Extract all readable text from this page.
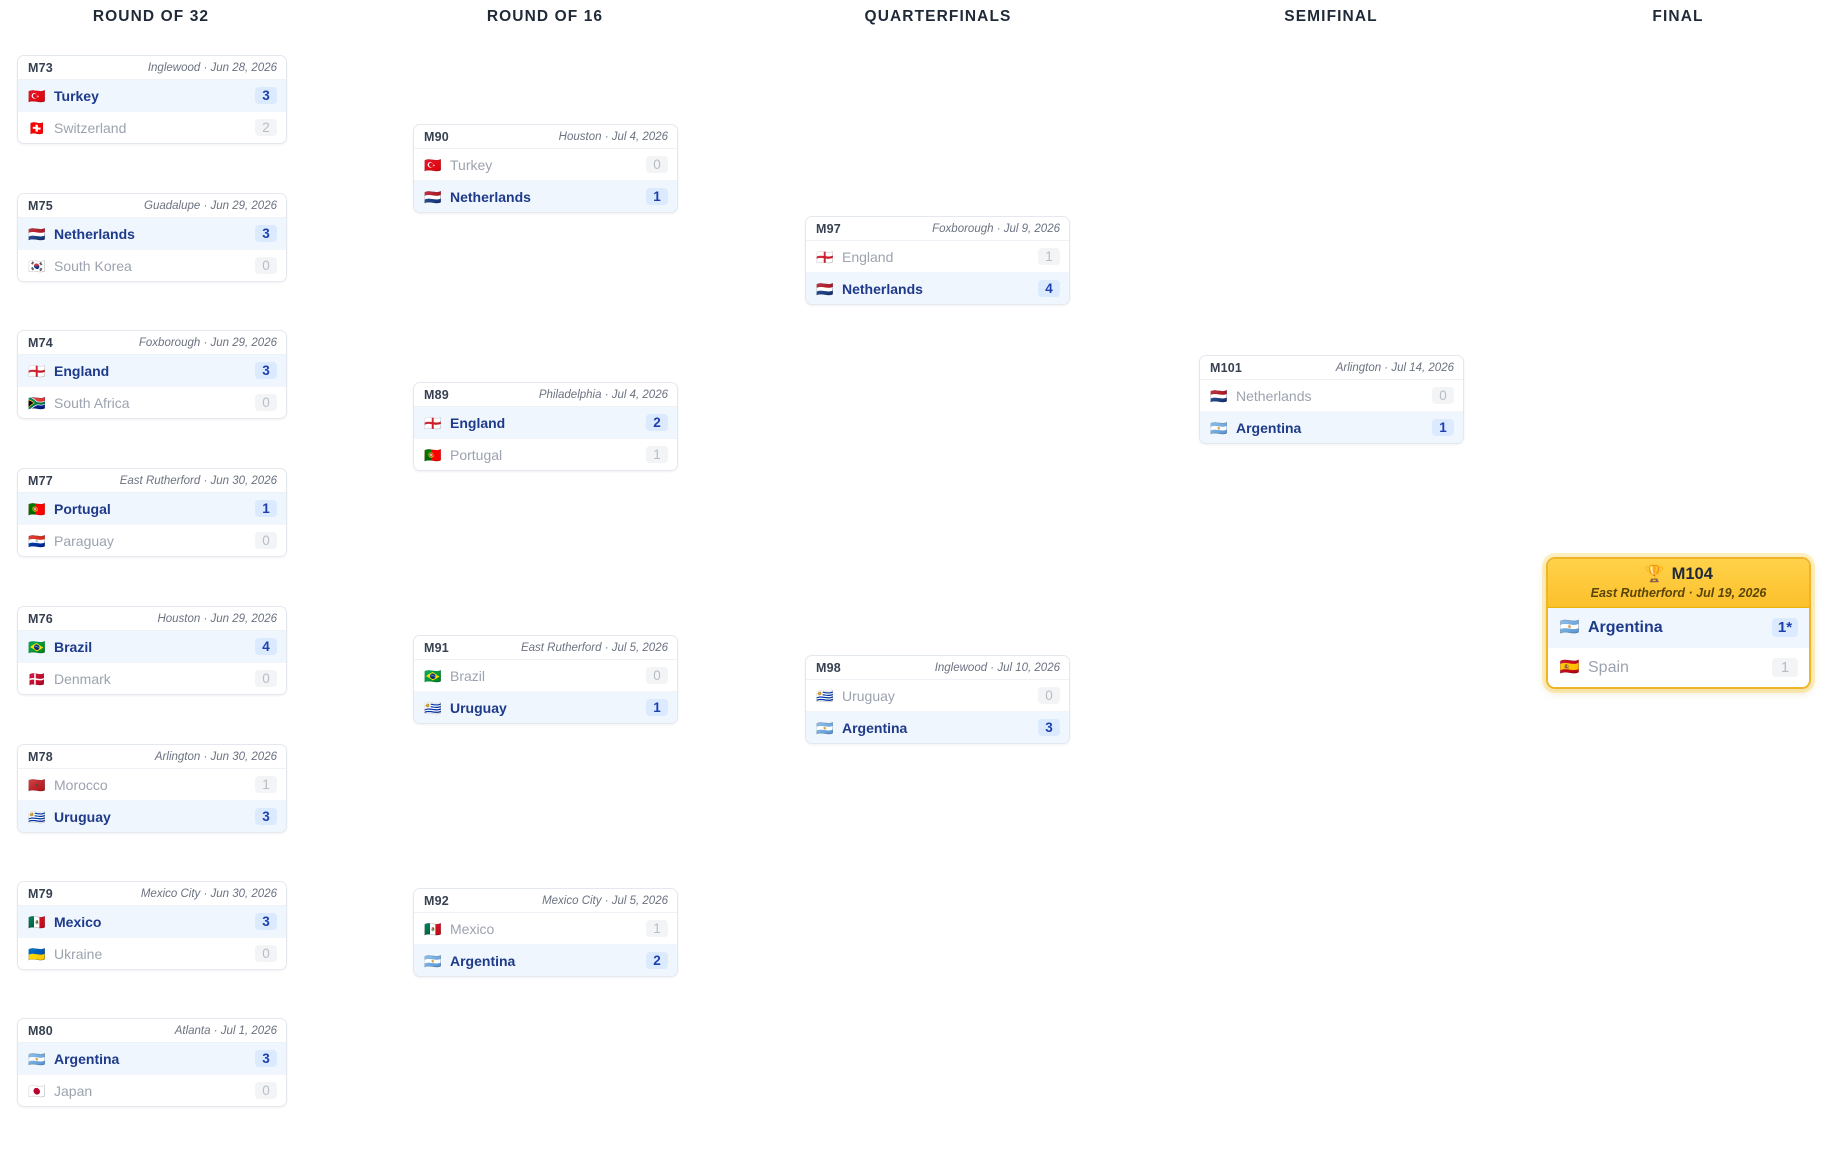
ROUND OF 32	ROUND OF 16	QUARTERFINALS	SEMIFINAL	FINAL
M73	Inglewood · Jun 28, 2026
🇹🇷 Turkey	3
🇨🇭 Switzerland	2
M75	Guadalupe · Jun 29, 2026
🇳🇱 Netherlands	3
🇰🇷 South Korea	0
M74	Foxborough · Jun 29, 2026
🏴󠁧󠁢󠁥󠁮󠁧󠁿 England	3
🇿🇦 South Africa	0
M77	East Rutherford · Jun 30, 2026
🇵🇹 Portugal	1
🇵🇾 Paraguay	0
M76	Houston · Jun 29, 2026
🇧🇷 Brazil	4
🇩🇰 Denmark	0
M78	Arlington · Jun 30, 2026
🇲🇦 Morocco	1
🇺🇾 Uruguay	3
M79	Mexico City · Jun 30, 2026
🇲🇽 Mexico	3
🇺🇦 Ukraine	0
M80	Atlanta · Jul 1, 2026
🇦🇷 Argentina	3
🇯🇵 Japan	0
M90	Houston · Jul 4, 2026
🇹🇷 Turkey	0
🇳🇱 Netherlands	1
M89	Philadelphia · Jul 4, 2026
🏴󠁧󠁢󠁥󠁮󠁧󠁿 England	2
🇵🇹 Portugal	1
M91	East Rutherford · Jul 5, 2026
🇧🇷 Brazil	0
🇺🇾 Uruguay	1
M92	Mexico City · Jul 5, 2026
🇲🇽 Mexico	1
🇦🇷 Argentina	2
M97	Foxborough · Jul 9, 2026
🏴󠁧󠁢󠁥󠁮󠁧󠁿 England	1
🇳🇱 Netherlands	4
M98	Inglewood · Jul 10, 2026
🇺🇾 Uruguay	0
🇦🇷 Argentina	3
M101	Arlington · Jul 14, 2026
🇳🇱 Netherlands	0
🇦🇷 Argentina	1
🏆 M104
East Rutherford · Jul 19, 2026
🇦🇷 Argentina	1*
🇪🇸 Spain	1
